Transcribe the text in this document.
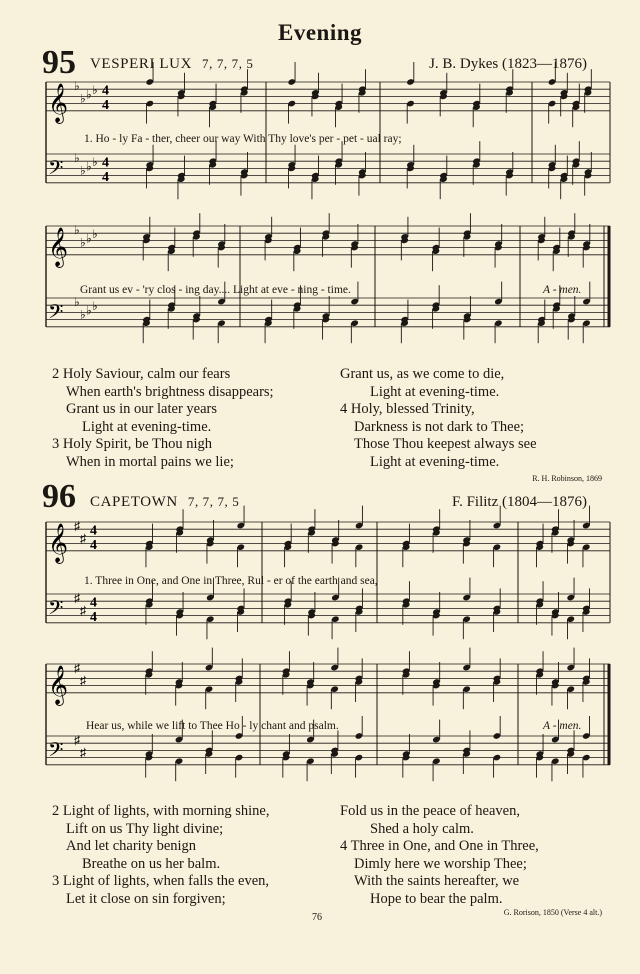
Evening
95 VESPERI LUX 7, 7, 7, 5	J. B. Dykes (1823—1876)
𝄞 ♭
♭ ♭ ♭
4
4
𝄢 ♭
♭ ♭ ♭
4
4
1. Ho - ly Fa - ther, cheer our way With Thy love's per - pet - ual ray;
𝄞 ♭
♭ ♭ ♭
𝄢 ♭
♭ ♭ ♭
Grant us ev - 'ry clos - ing day.... Light at eve - ning - time.	A - men.
2 Holy Saviour, calm our fears
When earth's brightness disappears;
Grant us in our later years
Light at evening-time.
3 Holy Spirit, be Thou nigh
When in mortal pains we lie;
Grant us, as we come to die,
Light at evening-time.
4 Holy, blessed Trinity,
Darkness is not dark to Thee;
Those Thou keepest always see
Light at evening-time.
R. H. Robinson, 1869
96 CAPETOWN 7, 7, 7, 5	F. Filitz (1804—1876)
𝄞 ♯
♯ 4
4
𝄢 ♯
♯ 4
4
1. Three in One, and One in Three, Rul - er of the earth and sea,
𝄞 ♯
♯
𝄢 ♯
♯
Hear us, while we lift to Thee Ho - ly chant and psalm.	A - men.
2 Light of lights, with morning shine,
Lift on us Thy light divine;
And let charity benign
Breathe on us her balm.
3 Light of lights, when falls the even,
Let it close on sin forgiven;
Fold us in the peace of heaven,
Shed a holy calm.
4 Three in One, and One in Three,
Dimly here we worship Thee;
With the saints hereafter, we
Hope to bear the palm.
G. Rorison, 1850 (Verse 4 alt.)
76
